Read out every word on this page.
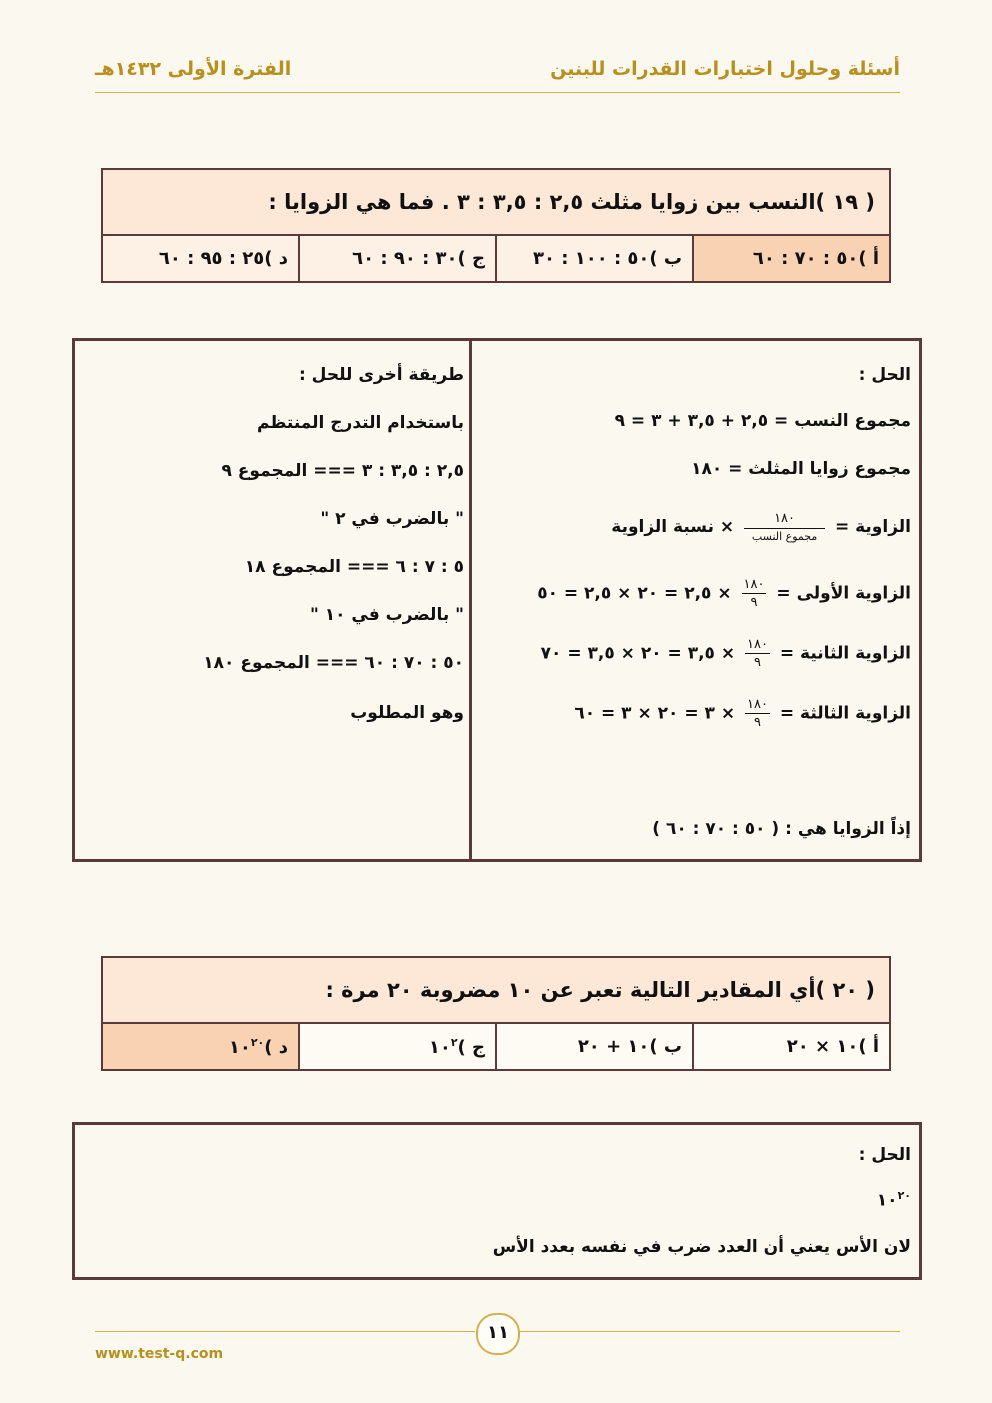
أسئلة وحلول اختبارات القدرات للبنين
الفترة الأولى ١٤٣٢هـ
( ١٩ )النسب بين زوايا مثلث ٢,٥ : ٣,٥ : ٣ . فما هي الزوايا :
أ )٥٠ : ٧٠ : ٦٠	ب )٥٠ : ١٠٠ : ٣٠	ج )٣٠ : ٩٠ : ٦٠	د )٢٥ : ٩٥ : ٦٠
الحل :
مجموع النسب = ٢,٥ + ٣,٥ + ٣ = ٩
مجموع زوايا المثلث = ١٨٠
الزاوية =
$\frac{١٨٠}{\text{مجموع النسب}}$
× نسبة الزاوية
الزاوية الأولى =
$\frac{١٨٠}{٩}$
× ٢,٥ = ٢٠ × ٢,٥ = ٥٠
الزاوية الثانية =
$\frac{١٨٠}{٩}$
× ٣,٥ = ٢٠ × ٣,٥ = ٧٠
الزاوية الثالثة =
$\frac{١٨٠}{٩}$
× ٣ = ٢٠ × ٣ = ٦٠
إذاً الزوايا هي : ( ٥٠ : ٧٠ : ٦٠ )
طريقة أخرى للحل :
باستخدام التدرج المنتظم
٢,٥ : ٣,٥ : ٣ === المجموع ٩
" بالضرب في ٢ "
٥ : ٧ : ٦ === المجموع ١٨
" بالضرب في ١٠ "
٥٠ : ٧٠ : ٦٠ === المجموع ١٨٠
وهو المطلوب
( ٢٠ )أي المقادير التالية تعبر عن ١٠ مضروبة ٢٠ مرة :
أ )١٠ × ٢٠	ب )١٠ + ٢٠	ج )$١٠^٢$	د )$١٠^{٢٠}$
الحل :
$١٠^{٢٠}$
لان الأس يعني أن العدد ضرب في نفسه بعدد الأس
١١
www.test-q.com
